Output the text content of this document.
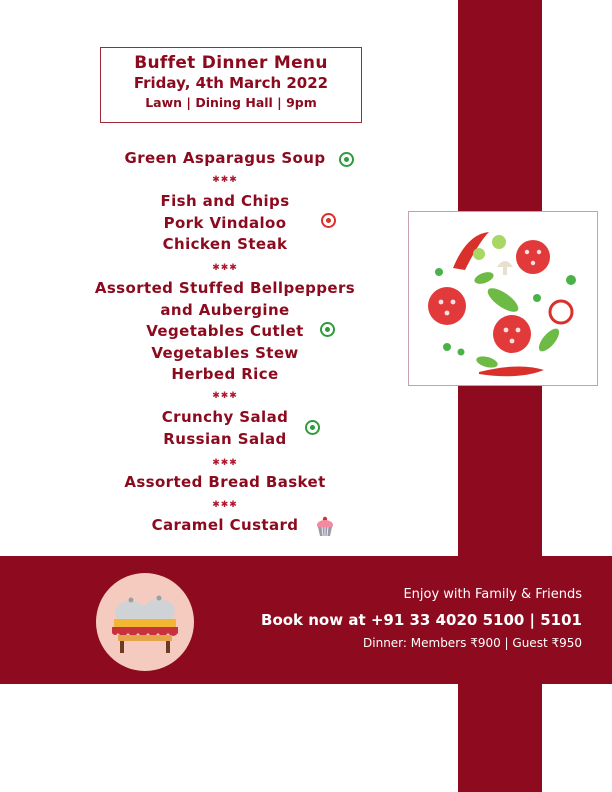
Buffet Dinner Menu
Friday, 4th March 2022
Lawn | Dining Hall | 9pm
Green Asparagus Soup
✱✱✱
Fish and Chips
Pork Vindaloo
Chicken Steak
✱✱✱
Assorted Stuffed Bellpeppers
and Aubergine
Vegetables Cutlet
Vegetables Stew
Herbed Rice
✱✱✱
Crunchy Salad
Russian Salad
✱✱✱
Assorted Bread Basket
✱✱✱
Caramel Custard
Enjoy with Family & Friends
Book now at +91 33 4020 5100 | 5101
Dinner: Members ₹900 | Guest ₹950
